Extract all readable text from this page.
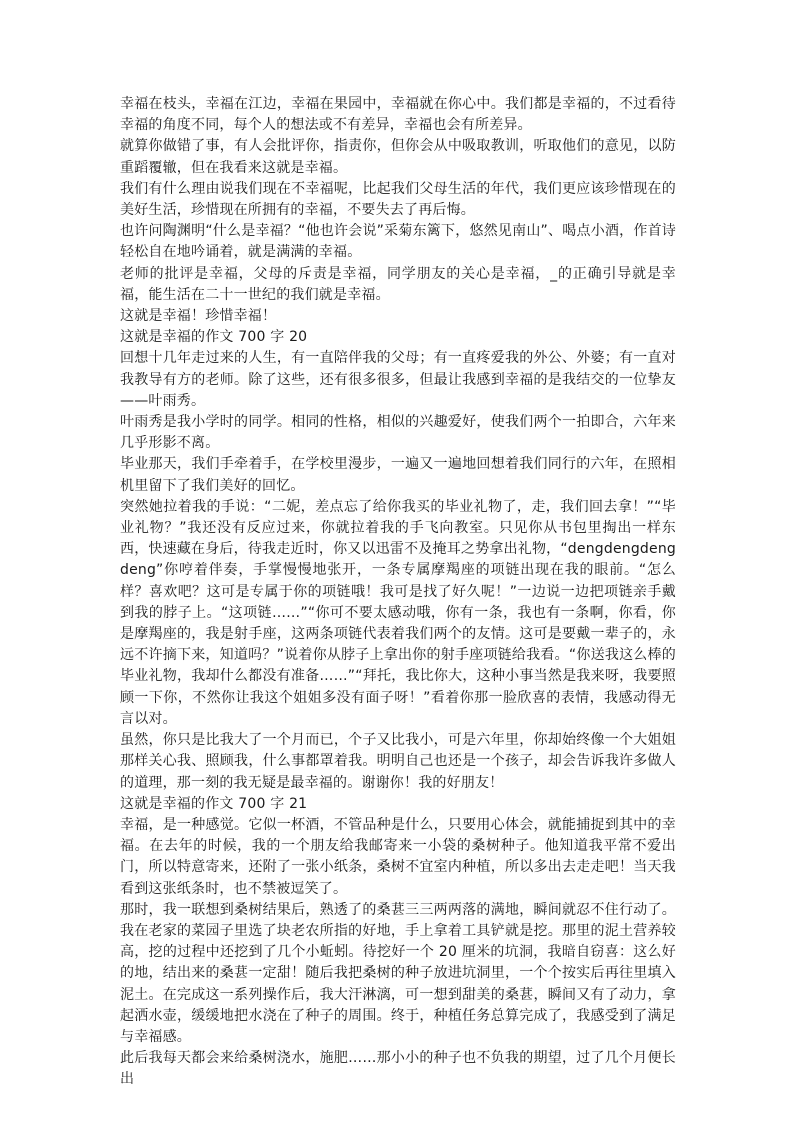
幸福在枝头，幸福在江边，幸福在果园中，幸福就在你心中。我们都是幸福的，不过看待幸福的角度不同，每个人的想法或不有差异，幸福也会有所差异。

就算你做错了事，有人会批评你，指责你，但你会从中吸取教训，听取他们的意见，以防重蹈覆辙，但在我看来这就是幸福。

我们有什么理由说我们现在不幸福呢，比起我们父母生活的年代，我们更应该珍惜现在的美好生活，珍惜现在所拥有的幸福，不要失去了再后悔。

也许问陶渊明“什么是幸福？“他也许会说”采菊东篱下，悠然见南山”、喝点小酒，作首诗轻松自在地吟诵着，就是满满的幸福。

老师的批评是幸福，父母的斥责是幸福，同学朋友的关心是幸福，_的正确引导就是幸福，能生活在二十一世纪的我们就是幸福。

这就是幸福！珍惜幸福！

这就是幸福的作文 700 字 20

回想十几年走过来的人生，有一直陪伴我的父母；有一直疼爱我的外公、外婆；有一直对我教导有方的老师。除了这些，还有很多很多，但最让我感到幸福的是我结交的一位挚友——叶雨秀。

叶雨秀是我小学时的同学。相同的性格，相似的兴趣爱好，使我们两个一拍即合，六年来几乎形影不离。

毕业那天，我们手牵着手，在学校里漫步，一遍又一遍地回想着我们同行的六年，在照相机里留下了我们美好的回忆。

突然她拉着我的手说：“二妮，差点忘了给你我买的毕业礼物了，走，我们回去拿！”“毕业礼物？”我还没有反应过来，你就拉着我的手飞向教室。只见你从书包里掏出一样东西，快速藏在身后，待我走近时，你又以迅雷不及掩耳之势拿出礼物，“dengdengdengdeng”你哼着伴奏，手掌慢慢地张开，一条专属摩羯座的项链出现在我的眼前。“怎么样？喜欢吧？这可是专属于你的项链哦！我可是找了好久呢！”一边说一边把项链亲手戴到我的脖子上。“这项链……”“你可不要太感动哦，你有一条，我也有一条啊，你看，你是摩羯座的，我是射手座，这两条项链代表着我们两个的友情。这可是要戴一辈子的，永远不许摘下来，知道吗？”说着你从脖子上拿出你的射手座项链给我看。“你送我这么棒的毕业礼物，我却什么都没有准备……”“拜托，我比你大，这种小事当然是我来呀，我要照顾一下你，不然你让我这个姐姐多没有面子呀！”看着你那一脸欣喜的表情，我感动得无言以对。

虽然，你只是比我大了一个月而已，个子又比我小，可是六年里，你却始终像一个大姐姐那样关心我、照顾我，什么事都罩着我。明明自己也还是一个孩子，却会告诉我许多做人的道理，那一刻的我无疑是最幸福的。谢谢你！我的好朋友！

这就是幸福的作文 700 字 21

幸福，是一种感觉。它似一杯酒，不管品种是什么，只要用心体会，就能捕捉到其中的幸福。在去年的时候，我的一个朋友给我邮寄来一小袋的桑树种子。他知道我平常不爱出门，所以特意寄来，还附了一张小纸条，桑树不宜室内种植，所以多出去走走吧！当天我看到这张纸条时，也不禁被逗笑了。

那时，我一联想到桑树结果后，熟透了的桑葚三三两两落的满地，瞬间就忍不住行动了。我在老家的菜园子里选了块老农所指的好地，手上拿着工具铲就是挖。那里的泥土营养较高，挖的过程中还挖到了几个小蚯蚓。待挖好一个 20 厘米的坑洞，我暗自窃喜：这么好的地，结出来的桑葚一定甜！随后我把桑树的种子放进坑洞里，一个个按实后再往里填入泥土。在完成这一系列操作后，我大汗淋漓，可一想到甜美的桑葚，瞬间又有了动力，拿起洒水壶，缓缓地把水浇在了种子的周围。终于，种植任务总算完成了，我感受到了满足与幸福感。

此后我每天都会来给桑树浇水，施肥……那小小的种子也不负我的期望，过了几个月便长出
